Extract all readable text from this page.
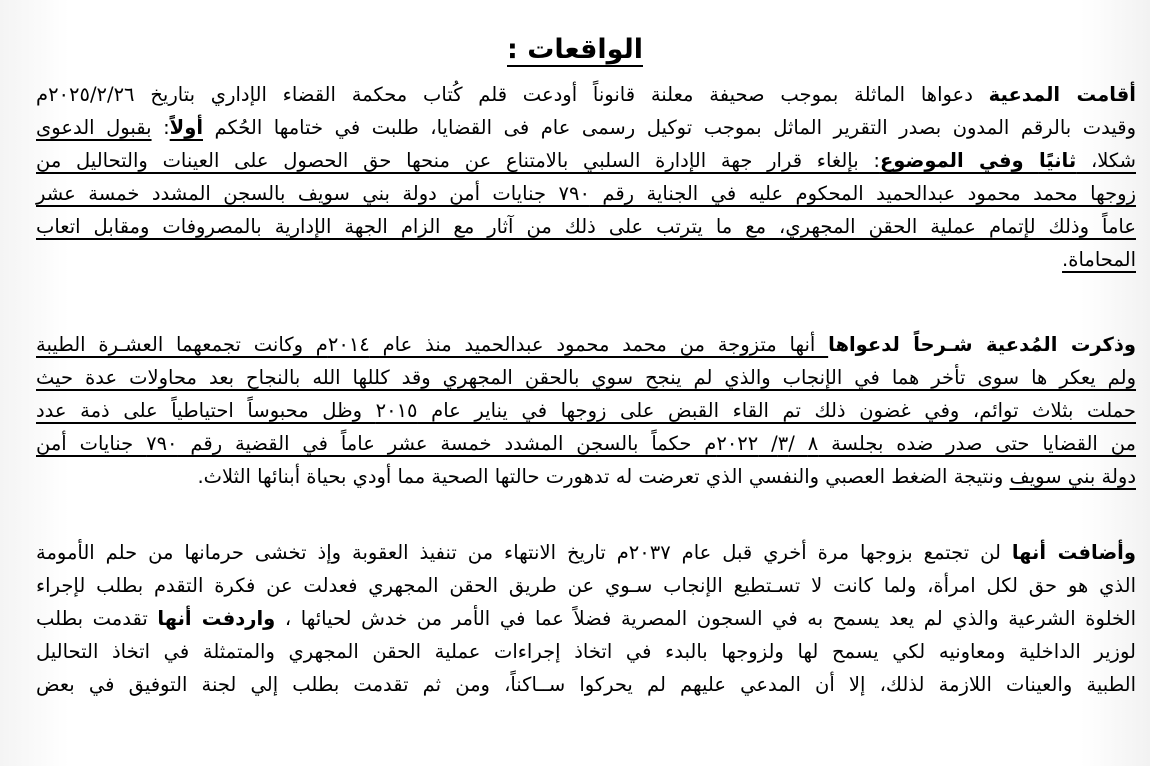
الواقعات :
أقامت المدعية دعواها الماثلة بموجب صحيفة معلنة قانوناً أودعت قلم كُتاب محكمة القضاء الإداري بتاريخ ٢٠٢٥/٢/٢٦م
وقيدت بالرقم المدون بصدر التقرير الماثل بموجب توكيل رسمى عام فى القضايا، طلبت في ختامها الحُكم أولاً: بقبول الدعوى
شكلا، ثانيًا وفي الموضوع: بإلغاء قرار جهة الإدارة السلبي بالامتناع عن منحها حق الحصول على العينات والتحاليل من
زوجها محمد محمود عبدالحميد المحكوم عليه في الجناية رقم ٧٩٠ جنايات أمن دولة بني سويف بالسجن المشدد خمسة عشر
عاماً وذلك لإتمام عملية الحقن المجهري، مع ما يترتب على ذلك من آثار مع الزام الجهة الإدارية بالمصروفات ومقابل اتعاب
المحاماة.
وذكرت المُدعية شـرحاً لدعواها أنها متزوجة من محمد محمود عبدالحميد منذ عام ٢٠١٤م وكانت تجمعهما العشـرة الطيبة
ولم يعكر ها سوى تأخر هما في الإنجاب والذي لم ينجح سوي بالحقن المجهري وقد كللها الله بالنجاح بعد محاولات عدة حيث
حملت بثلاث توائم، وفي غضون ذلك تم القاء القبض على زوجها في يناير عام ٢٠١٥ وظل محبوساً احتياطياً على ذمة عدد
من القضايا حتى صدر ضده بجلسة ٨ /٣/ ٢٠٢٢م حكماً بالسجن المشدد خمسة عشر عاماً في القضية رقم ٧٩٠ جنايات أمن
دولة بني سويف ونتيجة الضغط العصبي والنفسي الذي تعرضت له تدهورت حالتها الصحية مما أودي بحياة أبنائها الثلاث.
وأضافت أنها لن تجتمع بزوجها مرة أخري قبل عام ٢٠٣٧م تاريخ الانتهاء من تنفيذ العقوبة وإذ تخشى حرمانها من حلم الأمومة
الذي هو حق لكل امرأة، ولما كانت لا تسـتطيع الإنجاب سـوي عن طريق الحقن المجهري فعدلت عن فكرة التقدم بطلب لإجراء
الخلوة الشرعية والذي لم يعد يسمح به في السجون المصرية فضلاً عما في الأمر من خدش لحيائها ، واردفت أنها تقدمت بطلب
لوزير الداخلية ومعاونيه لكي يسمح لها ولزوجها بالبدء في اتخاذ إجراءات عملية الحقن المجهري والمتمثلة في اتخاذ التحاليل
الطبية والعينات اللازمة لذلك، إلا أن المدعي عليهم لم يحركوا ســاكناً، ومن ثم تقدمت بطلب إلي لجنة التوفيق في بعض
